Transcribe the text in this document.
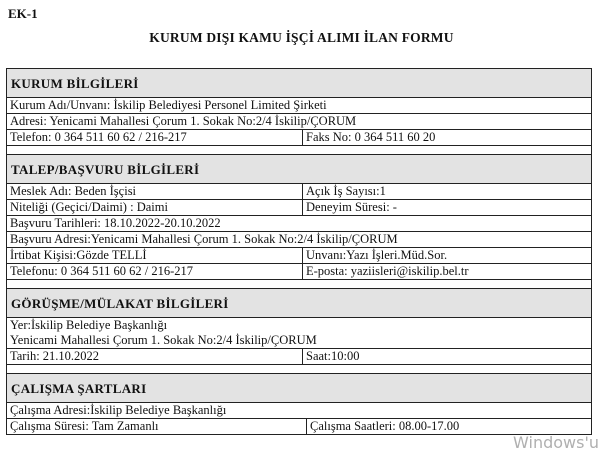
EK-1
KURUM DIŞI KAMU İŞÇİ ALIMI İLAN FORMU
KURUM BİLGİLERİ
Kurum Adı/Unvanı: İskilip Belediyesi Personel Limited Şirketi
Adresi: Yenicami Mahallesi Çorum 1. Sokak No:2/4 İskilip/ÇORUM
Telefon: 0 364 511 60 62 / 216-217	Faks No: 0 364 511 60 20
TALEP/BAŞVURU BİLGİLERİ
Meslek Adı: Beden İşçisi	Açık İş Sayısı:1
Niteliği (Geçici/Daimi) : Daimi	Deneyim Süresi: -
Başvuru Tarihleri: 18.10.2022-20.10.2022
Başvuru Adresi:Yenicami Mahallesi Çorum 1. Sokak No:2/4 İskilip/ÇORUM
İrtibat Kişisi:Gözde TELLİ	Unvanı:Yazı İşleri.Müd.Sor.
Telefonu: 0 364 511 60 62 / 216-217	E-posta: yaziisleri@iskilip.bel.tr
GÖRÜŞME/MÜLAKAT BİLGİLERİ
Yer:İskilip Belediye Başkanlığı
Yenicami Mahallesi Çorum 1. Sokak No:2/4 İskilip/ÇORUM
Tarih: 21.10.2022	Saat:10:00
ÇALIŞMA ŞARTLARI
Çalışma Adresi:İskilip Belediye Başkanlığı
Çalışma Süresi: Tam Zamanlı	Çalışma Saatleri: 08.00-17.00
Windows'u
